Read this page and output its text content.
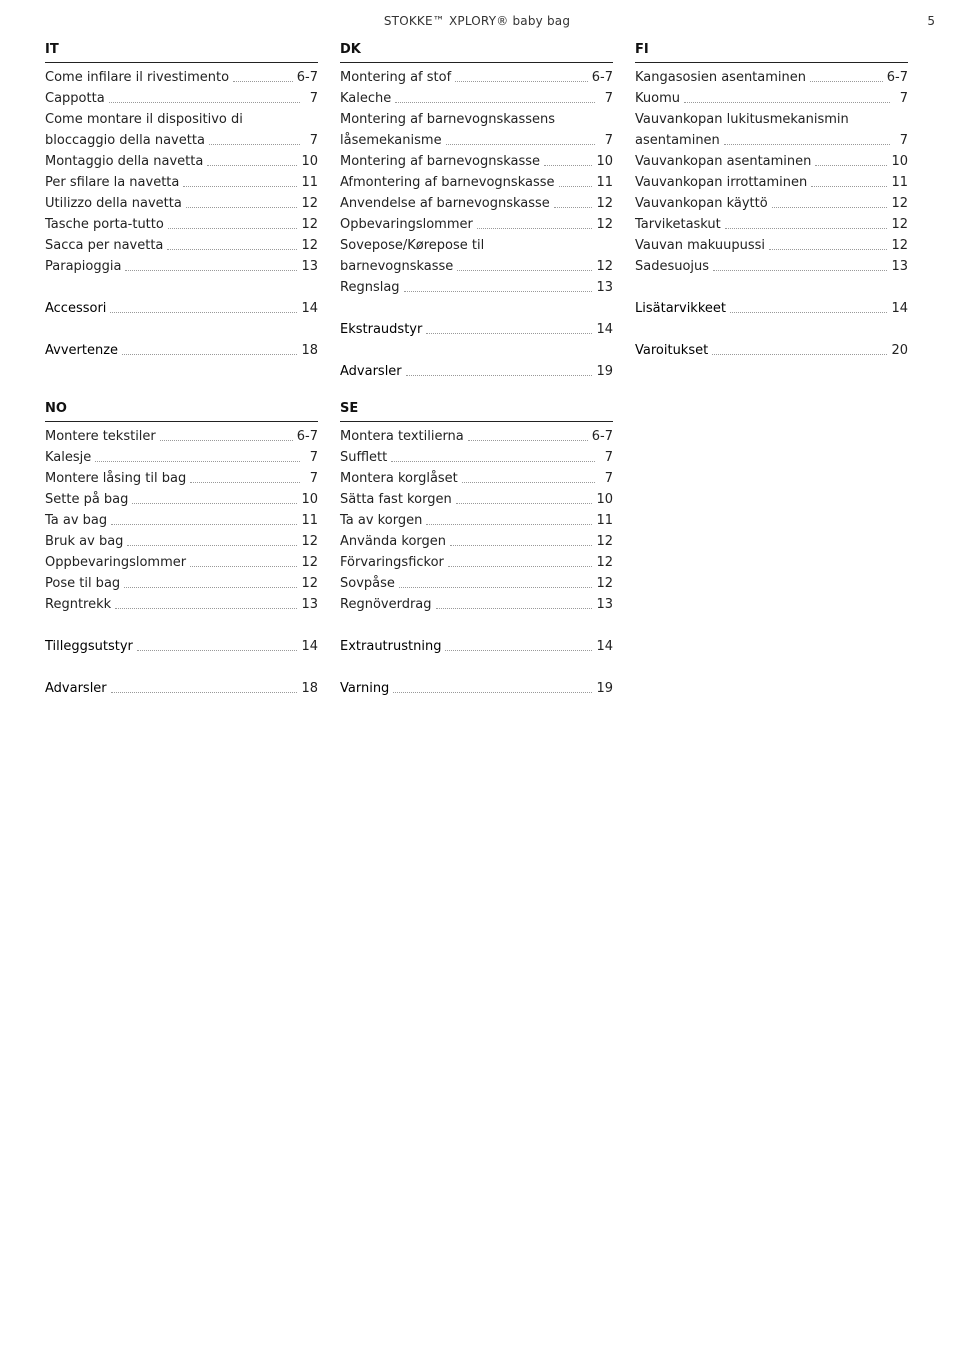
STOKKE™ XPLORY® baby bag	5
IT
Come infilare il rivestimento	6-7
Cappotta	7
Come montare il dispositivo di
bloccaggio della navetta	7
Montaggio della navetta	10
Per sfilare la navetta	11
Utilizzo della navetta	12
Tasche porta-tutto	12
Sacca per navetta	12
Parapioggia	13
Accessori	14
Avvertenze	18
DK
Montering af stof	6-7
Kaleche	7
Montering af barnevognskassens
låsemekanisme	7
Montering af barnevognskasse	10
Afmontering af barnevognskasse	11
Anvendelse af barnevognskasse	12
Opbevaringslommer	12
Sovepose/Kørepose til
barnevognskasse	12
Regnslag	13
Ekstraudstyr	14
Advarsler	19
FI
Kangasosien asentaminen	6-7
Kuomu	7
Vauvankopan lukitusmekanismin
asentaminen	7
Vauvankopan asentaminen	10
Vauvankopan irrottaminen	11
Vauvankopan käyttö	12
Tarviketaskut	12
Vauvan makuupussi	12
Sadesuojus	13
Lisätarvikkeet	14
Varoitukset	20
NO
Montere tekstiler	6-7
Kalesje	7
Montere låsing til bag	7
Sette på bag	10
Ta av bag	11
Bruk av bag	12
Oppbevaringslommer	12
Pose til bag	12
Regntrekk	13
Tilleggsutstyr	14
Advarsler	18
SE
Montera textilierna	6-7
Sufflett	7
Montera korglåset	7
Sätta fast korgen	10
Ta av korgen	11
Använda korgen	12
Förvaringsfickor	12
Sovpåse	12
Regnöverdrag	13
Extrautrustning	14
Varning	19
